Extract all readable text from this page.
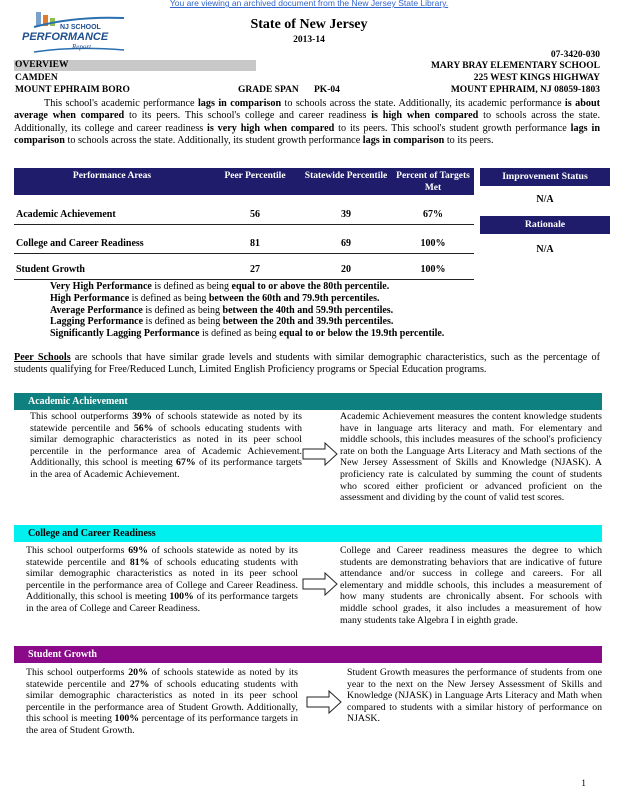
You are viewing an archived document from the New Jersey State Library.
NJ SCHOOL
PERFORMANCE
Report
State of New Jersey
2013-14
07-3420-030
OVERVIEW
CAMDEN
MOUNT EPHRAIM BORO	GRADE SPAN PK-04
MARY BRAY ELEMENTARY SCHOOL
225 WEST KINGS HIGHWAY
MOUNT EPHRAIM, NJ 08059-1803
This school's academic performance lags in comparison to schools across the state. Additionally, its academic performance is about average when compared to its peers. This school's college and career readiness is high when compared to schools across the state. Additionally, its college and career readiness is very high when compared to its peers. This school's student growth performance lags in comparison to schools across the state. Additionally, its student growth performance lags in comparison to its peers.
Performance Areas	Peer Percentile	Statewide Percentile	Percent of Targets Met
Academic Achievement	56	39	67%
College and Career Readiness	81	69	100%
Student Growth	27	20	100%
Improvement Status
N/A
Rationale
N/A
Very High Performance is defined as being equal to or above the 80th percentile.
High Performance is defined as being between the 60th and 79.9th percentiles.
Average Performance is defined as being between the 40th and 59.9th percentiles.
Lagging Performance is defined as being between the 20th and 39.9th percentiles.
Significantly Lagging Performance is defined as being equal to or below the 19.9th percentile.
Peer Schools are schools that have similar grade levels and students with similar demographic characteristics, such as the percentage of students qualifying for Free/Reduced Lunch, Limited English Proficiency programs or Special Education programs.
Academic Achievement
This school outperforms 39% of schools statewide as noted by its statewide percentile and 56% of schools educating students with similar demographic characteristics as noted in its peer school percentile in the performance area of Academic Achievement. Additionally, this school is meeting 67% of its performance targets in the area of Academic Achievement.
Academic Achievement measures the content knowledge students have in language arts literacy and math. For elementary and middle schools, this includes measures of the school's proficiency rate on both the Language Arts Literacy and Math sections of the New Jersey Assessment of Skills and Knowledge (NJASK). A proficiency rate is calculated by summing the count of students who scored either proficient or advanced proficient on the assessment and dividing by the count of valid test scores.
College and Career Readiness
This school outperforms 69% of schools statewide as noted by its statewide percentile and 81% of schools educating students with similar demographic characteristics as noted in its peer school percentile in the performance area of College and Career Readiness. Additionally, this school is meeting 100% of its performance targets in the area of College and Career Readiness.
College and Career readiness measures the degree to which students are demonstrating behaviors that are indicative of future attendance and/or success in college and careers. For all elementary and middle schools, this includes a measurement of how many students are chronically absent. For schools with middle school grades, it also includes a measurement of how many students take Algebra I in eighth grade.
Student Growth
This school outperforms 20% of schools statewide as noted by its statewide percentile and 27% of schools educating students with similar demographic characteristics as noted in its peer school percentile in the performance area of Student Growth. Additionally, this school is meeting 100% percentage of its performance targets in the area of Student Growth.
Student Growth measures the performance of students from one year to the next on the New Jersey Assessment of Skills and Knowledge (NJASK) in Language Arts Literacy and Math when compared to students with a similar history of performance on NJASK.
1
